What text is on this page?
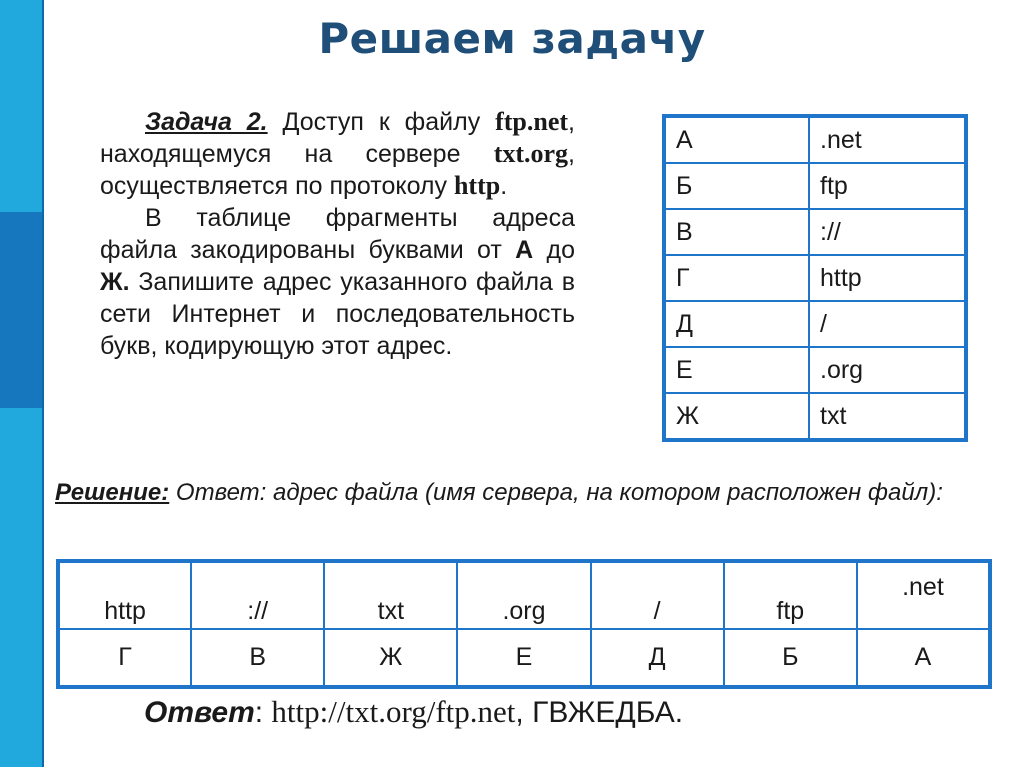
Решаем задачу

Задача 2. Доступ к файлу ftp.net, находящемуся на сервере txt.org, осуществляется по протоколу http.

В таблице фрагменты адреса файла закодированы буквами от А до Ж. Запишите адрес указанного файла в сети Интернет и последовательность букв, кодирующую этот адрес.

А	.net
Б	ftp
В	://
Г	http
Д	/
Е	.org
Ж	txt
Решение: Ответ: адрес файла (имя сервера, на котором расположен файл):
http	://	txt	.org	/	ftp	.net
Г	В	Ж	Е	Д	Б	А
Ответ: http://txt.org/ftp.net, ГВЖЕДБА.
